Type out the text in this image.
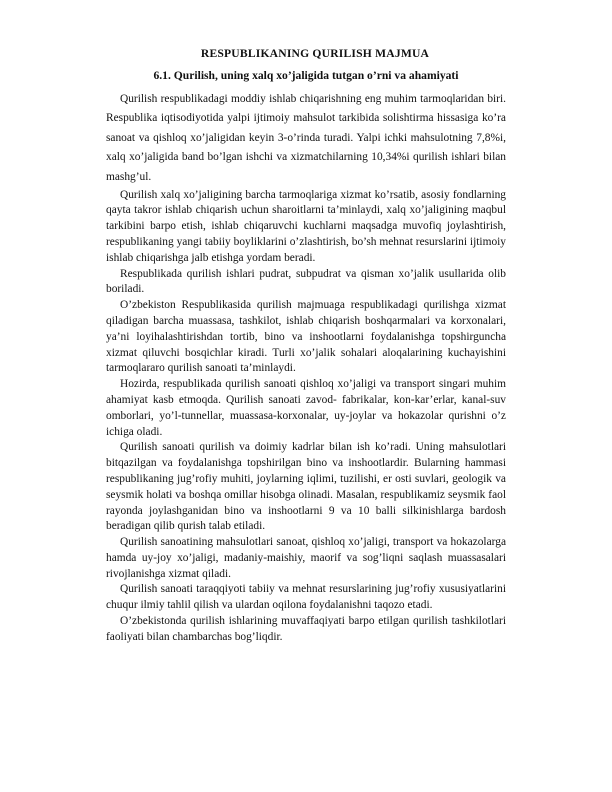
RESPUBLIKANING QURILISH MAJMUA
6.1. Qurilish, uning xalq xo’jaligida tutgan o’rni va ahamiyati

Qurilish respublikadagi moddiy ishlab chiqarishning eng muhim tarmoqlaridan biri. Respublika iqtisodiyotida yalpi ijtimoiy mahsulot tarkibida solishtirma hissasiga ko’ra sanoat va qishloq xo’jaligidan keyin 3-o’rinda turadi. Yalpi ichki mahsulotning 7,8%i, xalq xo’jaligida band bo’lgan ishchi va xizmatchilarning 10,34%i qurilish ishlari bilan mashg’ul.

Qurilish xalq xo’jaligining barcha tarmoqlariga xizmat ko’rsatib, asosiy fondlarning qayta takror ishlab chiqarish uchun sharoitlarni ta’minlaydi, xalq xo’jaligining maqbul tarkibini barpo etish, ishlab chiqaruvchi kuchlarni maqsadga muvofiq joylashtirish, respublikaning yangi tabiiy boyliklarini o’zlashtirish, bo’sh mehnat resurslarini ijtimoiy ishlab chiqarishga jalb etishga yordam beradi.

Respublikada qurilish ishlari pudrat, subpudrat va qisman xo’jalik usullarida olib boriladi.

O’zbekiston Respublikasida qurilish majmuaga respublikadagi qurilishga xizmat qiladigan barcha muassasa, tashkilot, ishlab chiqarish boshqarmalari va korxonalari, ya’ni loyihalashtirishdan tortib, bino va inshootlarni foydalanishga topshirguncha xizmat qiluvchi bosqichlar kiradi. Turli xo’jalik sohalari aloqalarining kuchayishini tarmoqlararo qurilish sanoati ta’minlaydi.

Hozirda, respublikada qurilish sanoati qishloq xo’jaligi va transport singari muhim ahamiyat kasb etmoqda. Qurilish sanoati zavod- fabrikalar, kon-kar’erlar, kanal-suv omborlari, yo’l-tunnellar, muassasa-korxonalar, uy-joylar va hokazolar qurishni o’z ichiga oladi.

Qurilish sanoati qurilish va doimiy kadrlar bilan ish ko’radi. Uning mahsulotlari bitqazilgan va foydalanishga topshirilgan bino va inshootlardir. Bularning hammasi respublikaning jug’rofiy muhiti, joylarning iqlimi, tuzilishi, er osti suvlari, geologik va seysmik holati va boshqa omillar hisobga olinadi. Masalan, respublikamiz seysmik faol rayonda joylashganidan bino va inshootlarni 9 va 10 balli silkinishlarga bardosh beradigan qilib qurish talab etiladi.

Qurilish sanoatining mahsulotlari sanoat, qishloq xo’jaligi, transport va hokazolarga hamda uy-joy xo’jaligi, madaniy-maishiy, maorif va sog’liqni saqlash muassasalari rivojlanishga xizmat qiladi.

Qurilish sanoati taraqqiyoti tabiiy va mehnat resurslarining jug’rofiy xususiyatlarini chuqur ilmiy tahlil qilish va ulardan oqilona foydalanishni taqozo etadi.

O’zbekistonda qurilish ishlarining muvaffaqiyati barpo etilgan qurilish tashkilotlari faoliyati bilan chambarchas bog’liqdir.
